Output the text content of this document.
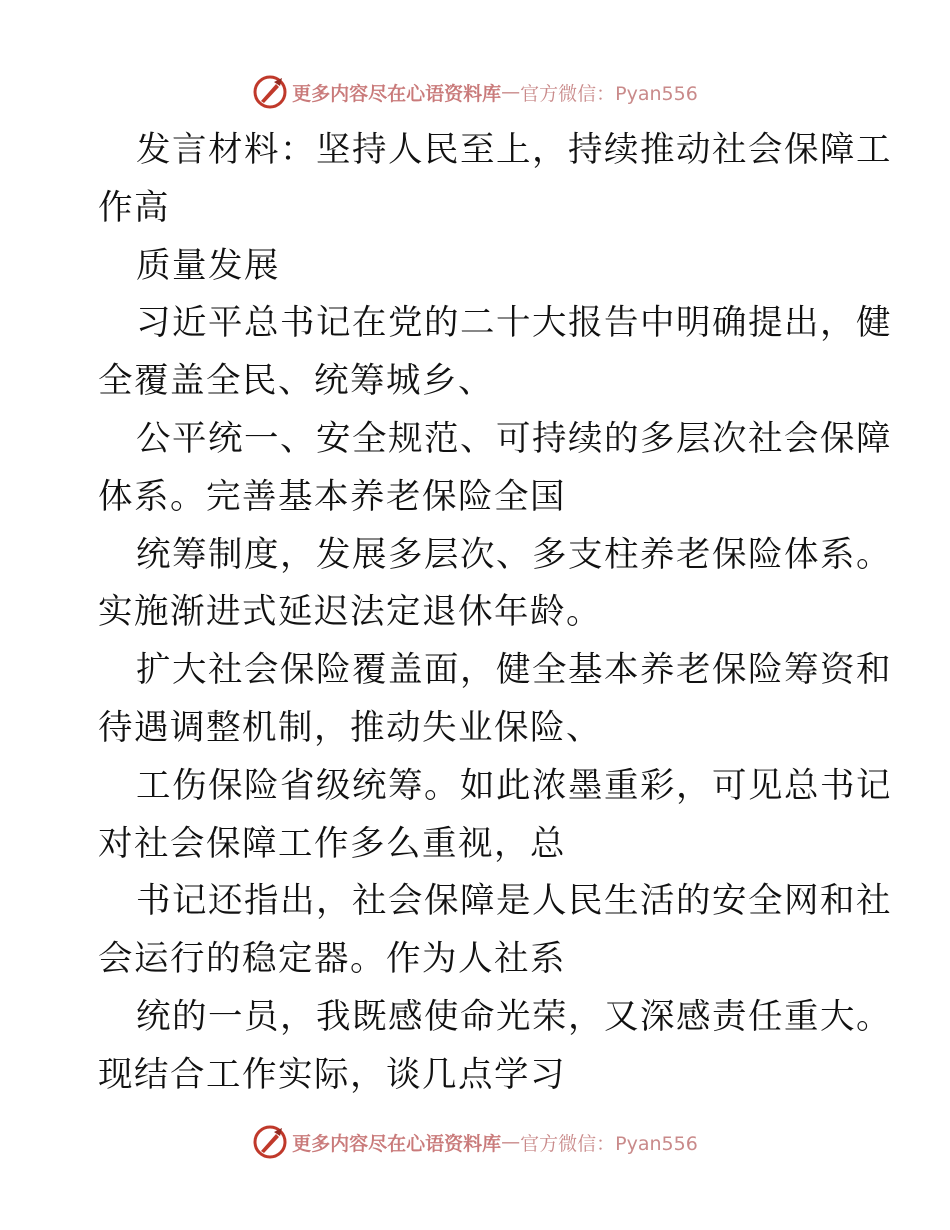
更多内容尽在心语资料库 — 官方微信：Pyan556
发言材料：坚持人民至上，持续推动社会保障工
作高
质量发展
习近平总书记在党的二十大报告中明确提出，健
全覆盖全民、统筹城乡、
公平统一、安全规范、可持续的多层次社会保障
体系。完善基本养老保险全国
统筹制度，发展多层次、多支柱养老保险体系。
实施渐进式延迟法定退休年龄。
扩大社会保险覆盖面，健全基本养老保险筹资和
待遇调整机制，推动失业保险、
工伤保险省级统筹。如此浓墨重彩，可见总书记
对社会保障工作多么重视，总
书记还指出，社会保障是人民生活的安全网和社
会运行的稳定器。作为人社系
统的一员，我既感使命光荣，又深感责任重大。
现结合工作实际，谈几点学习
更多内容尽在心语资料库 — 官方微信：Pyan556
